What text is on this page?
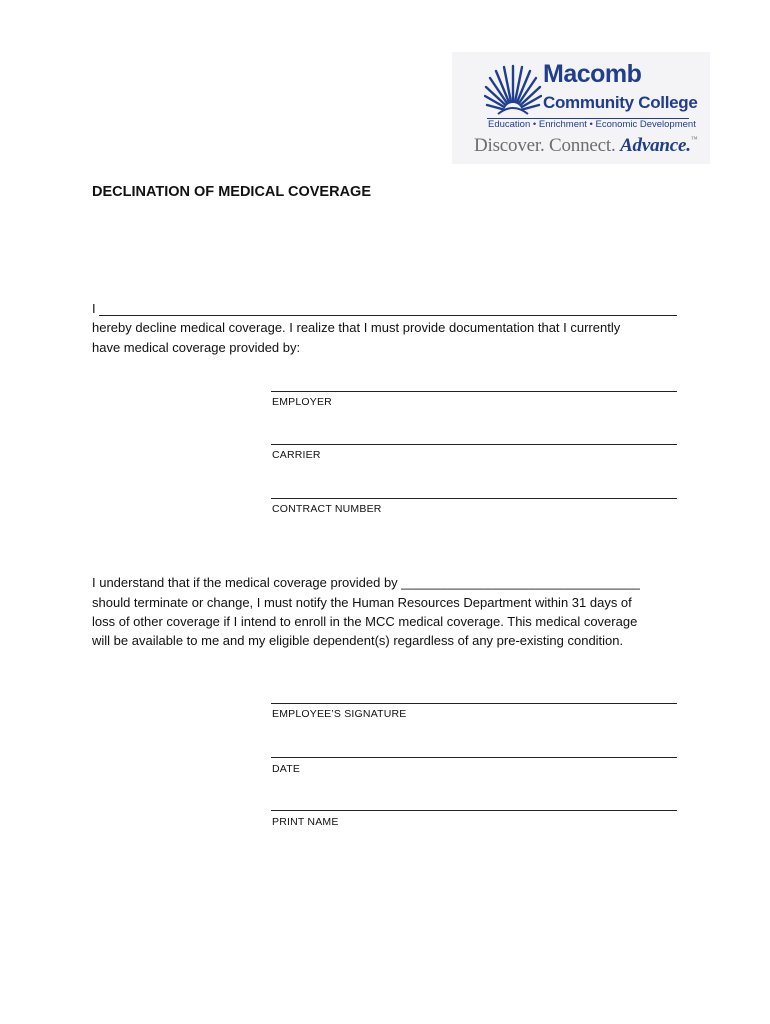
Macomb
Community College
Education • Enrichment • Economic Development
Discover. Connect. Advance.™
DECLINATION OF MEDICAL COVERAGE
I
hereby decline medical coverage. I realize that I must provide documentation that I currently
have medical coverage provided by:
EMPLOYER
CARRIER
CONTRACT NUMBER
I understand that if the medical coverage provided by _________________________________
should terminate or change, I must notify the Human Resources Department within 31 days of
loss of other coverage if I intend to enroll in the MCC medical coverage. This medical coverage
will be available to me and my eligible dependent(s) regardless of any pre-existing condition.
EMPLOYEE’S SIGNATURE
DATE
PRINT NAME
